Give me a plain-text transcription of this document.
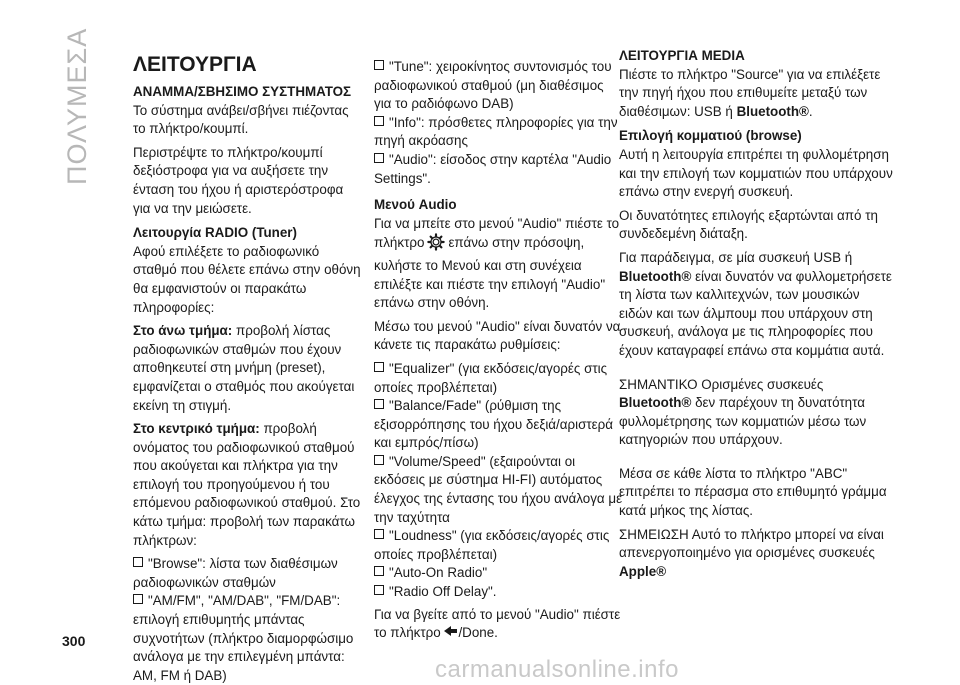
ΠΟΛΥΜΕΣΑ ΛΕΙΤΟΥΡΓΙΑ
ΑΝΑΜΜΑ/ΣΒΗΣΙΜΟ ΣΥΣΤΗΜΑΤΟΣ

Το σύστημα ανάβει/σβήνει πιέζοντας το πλήκτρο/κουμπί.

Περιστρέψτε το πλήκτρο/κουμπί δεξιόστροφα για να αυξήσετε την ένταση του ήχου ή αριστερόστροφα για να την μειώσετε.

Λειτουργία RADIO (Tuner)

Αφού επιλέξετε το ραδιοφωνικό σταθμό που θέλετε επάνω στην οθόνη θα εμφανιστούν οι παρακάτω πληροφορίες:

Στο άνω τμήμα: προβολή λίστας ραδιοφωνικών σταθμών που έχουν αποθηκευτεί στη μνήμη (preset), εμφανίζεται ο σταθμός που ακούγεται εκείνη τη στιγμή.

Στο κεντρικό τμήμα: προβολή ονόματος του ραδιοφωνικού σταθμού που ακούγεται και πλήκτρα για την επιλογή του προηγούμενου ή του επόμενου ραδιοφωνικού σταθμού. Στο κάτω τμήμα: προβολή των παρακάτω πλήκτρων:

"Browse": λίστα των διαθέσιμων ραδιοφωνικών σταθμών
"AM/FM", "AM/DAB", "FM/DAB": επιλογή επιθυμητής μπάντας συχνοτήτων (πλήκτρο διαμορφώσιμο ανάλογα με την επιλεγμένη μπάντα: AM, FM ή DAB)
"Tune": χειροκίνητος συντονισμός του ραδιοφωνικού σταθμού (μη διαθέσιμος για το ραδιόφωνο DAB)
"Info": πρόσθετες πληροφορίες για την πηγή ακρόασης
"Audio": είσοδος στην καρτέλα "Audio Settings".
Μενού Audio

Για να μπείτε στο μενού "Audio" πιέστε το πλήκτρο επάνω στην πρόσοψη, κυλήστε το Μενού και στη συνέχεια επιλέξτε και πιέστε την επιλογή "Audio" επάνω στην οθόνη.

Μέσω του μενού "Audio" είναι δυνατόν να κάνετε τις παρακάτω ρυθμίσεις:

"Equalizer" (για εκδόσεις/αγορές στις οποίες προβλέπεται)
"Balance/Fade" (ρύθμιση της εξισορρόπησης του ήχου δεξιά/αριστερά και εμπρός/πίσω)
"Volume/Speed" (εξαιρούνται οι εκδόσεις με σύστημα HI-FI) αυτόματος έλεγχος της έντασης του ήχου ανάλογα με την ταχύτητα
"Loudness" (για εκδόσεις/αγορές στις οποίες προβλέπεται)
"Auto-On Radio"
"Radio Off Delay".

Για να βγείτε από το μενού "Audio" πιέστε το πλήκτρο /Done.

ΛΕΙΤΟΥΡΓΙΑ MEDIA

Πιέστε το πλήκτρο "Source" για να επιλέξετε την πηγή ήχου που επιθυμείτε μεταξύ των διαθέσιμων: USB ή Bluetooth®.

Επιλογή κομματιού (browse)

Αυτή η λειτουργία επιτρέπει τη φυλλομέτρηση και την επιλογή των κομματιών που υπάρχουν επάνω στην ενεργή συσκευή.

Οι δυνατότητες επιλογής εξαρτώνται από τη συνδεδεμένη διάταξη.

Για παράδειγμα, σε μία συσκευή USB ή Bluetooth® είναι δυνατόν να φυλλομετρήσετε τη λίστα των καλλιτεχνών, των μουσικών ειδών και των άλμπουμ που υπάρχουν στη συσκευή, ανάλογα με τις πληροφορίες που έχουν καταγραφεί επάνω στα κομμάτια αυτά.

ΣΗΜΑΝΤΙΚΟ Ορισμένες συσκευές Bluetooth® δεν παρέχουν τη δυνατότητα φυλλομέτρησης των κομματιών μέσω των κατηγοριών που υπάρχουν.

Μέσα σε κάθε λίστα το πλήκτρο "ABC" επιτρέπει το πέρασμα στο επιθυμητό γράμμα κατά μήκος της λίστας.

ΣΗΜΕΙΩΣΗ Αυτό το πλήκτρο μπορεί να είναι απενεργοποιημένο για ορισμένες συσκευές Apple®

300
carmanualsonline.info
